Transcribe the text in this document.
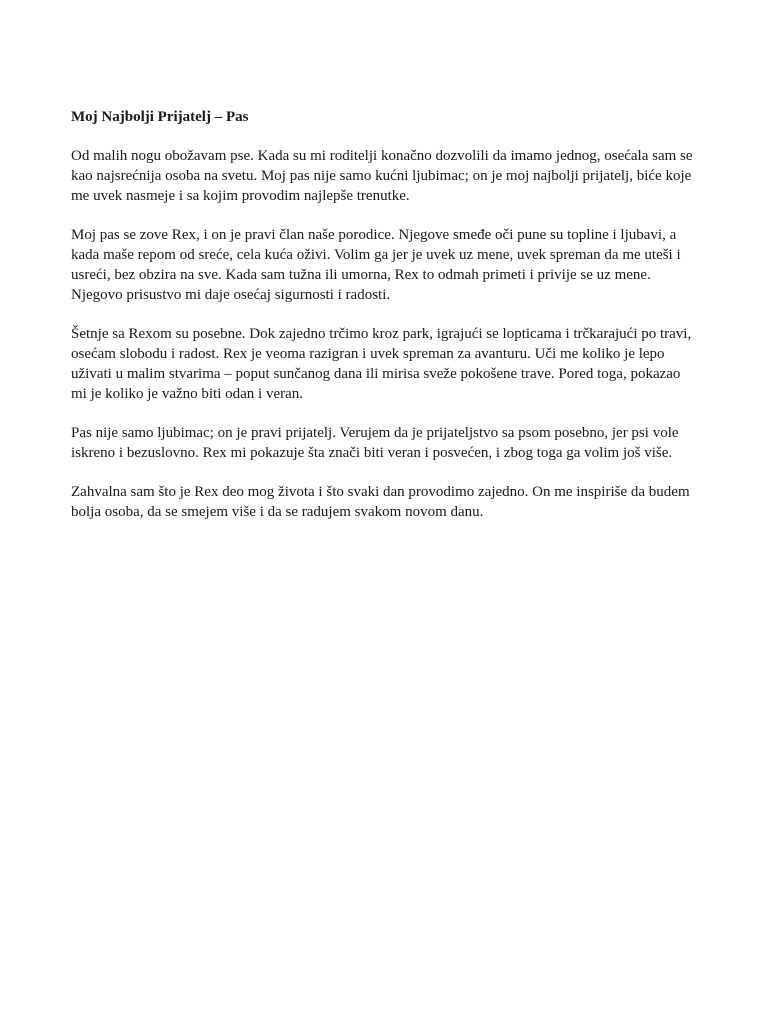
Moj Najbolji Prijatelj – Pas

Od malih nogu obožavam pse. Kada su mi roditelji konačno dozvolili da imamo jednog, osećala sam se kao najsrećnija osoba na svetu. Moj pas nije samo kućni ljubimac; on je moj najbolji prijatelj, biće koje me uvek nasmeje i sa kojim provodim najlepše trenutke.

Moj pas se zove Rex, i on je pravi član naše porodice. Njegove smeđe oči pune su topline i ljubavi, a kada maše repom od sreće, cela kuća oživi. Volim ga jer je uvek uz mene, uvek spreman da me uteši i usreći, bez obzira na sve. Kada sam tužna ili umorna, Rex to odmah primeti i privije se uz mene. Njegovo prisustvo mi daje osećaj sigurnosti i radosti.

Šetnje sa Rexom su posebne. Dok zajedno trčimo kroz park, igrajući se lopticama i trčkarajući po travi, osećam slobodu i radost. Rex je veoma razigran i uvek spreman za avanturu. Uči me koliko je lepo uživati u malim stvarima – poput sunčanog dana ili mirisa sveže pokošene trave. Pored toga, pokazao mi je koliko je važno biti odan i veran.

Pas nije samo ljubimac; on je pravi prijatelj. Verujem da je prijateljstvo sa psom posebno, jer psi vole iskreno i bezuslovno. Rex mi pokazuje šta znači biti veran i posvećen, i zbog toga ga volim još više.

Zahvalna sam što je Rex deo mog života i što svaki dan provodimo zajedno. On me inspiriše da budem bolja osoba, da se smejem više i da se radujem svakom novom danu.
